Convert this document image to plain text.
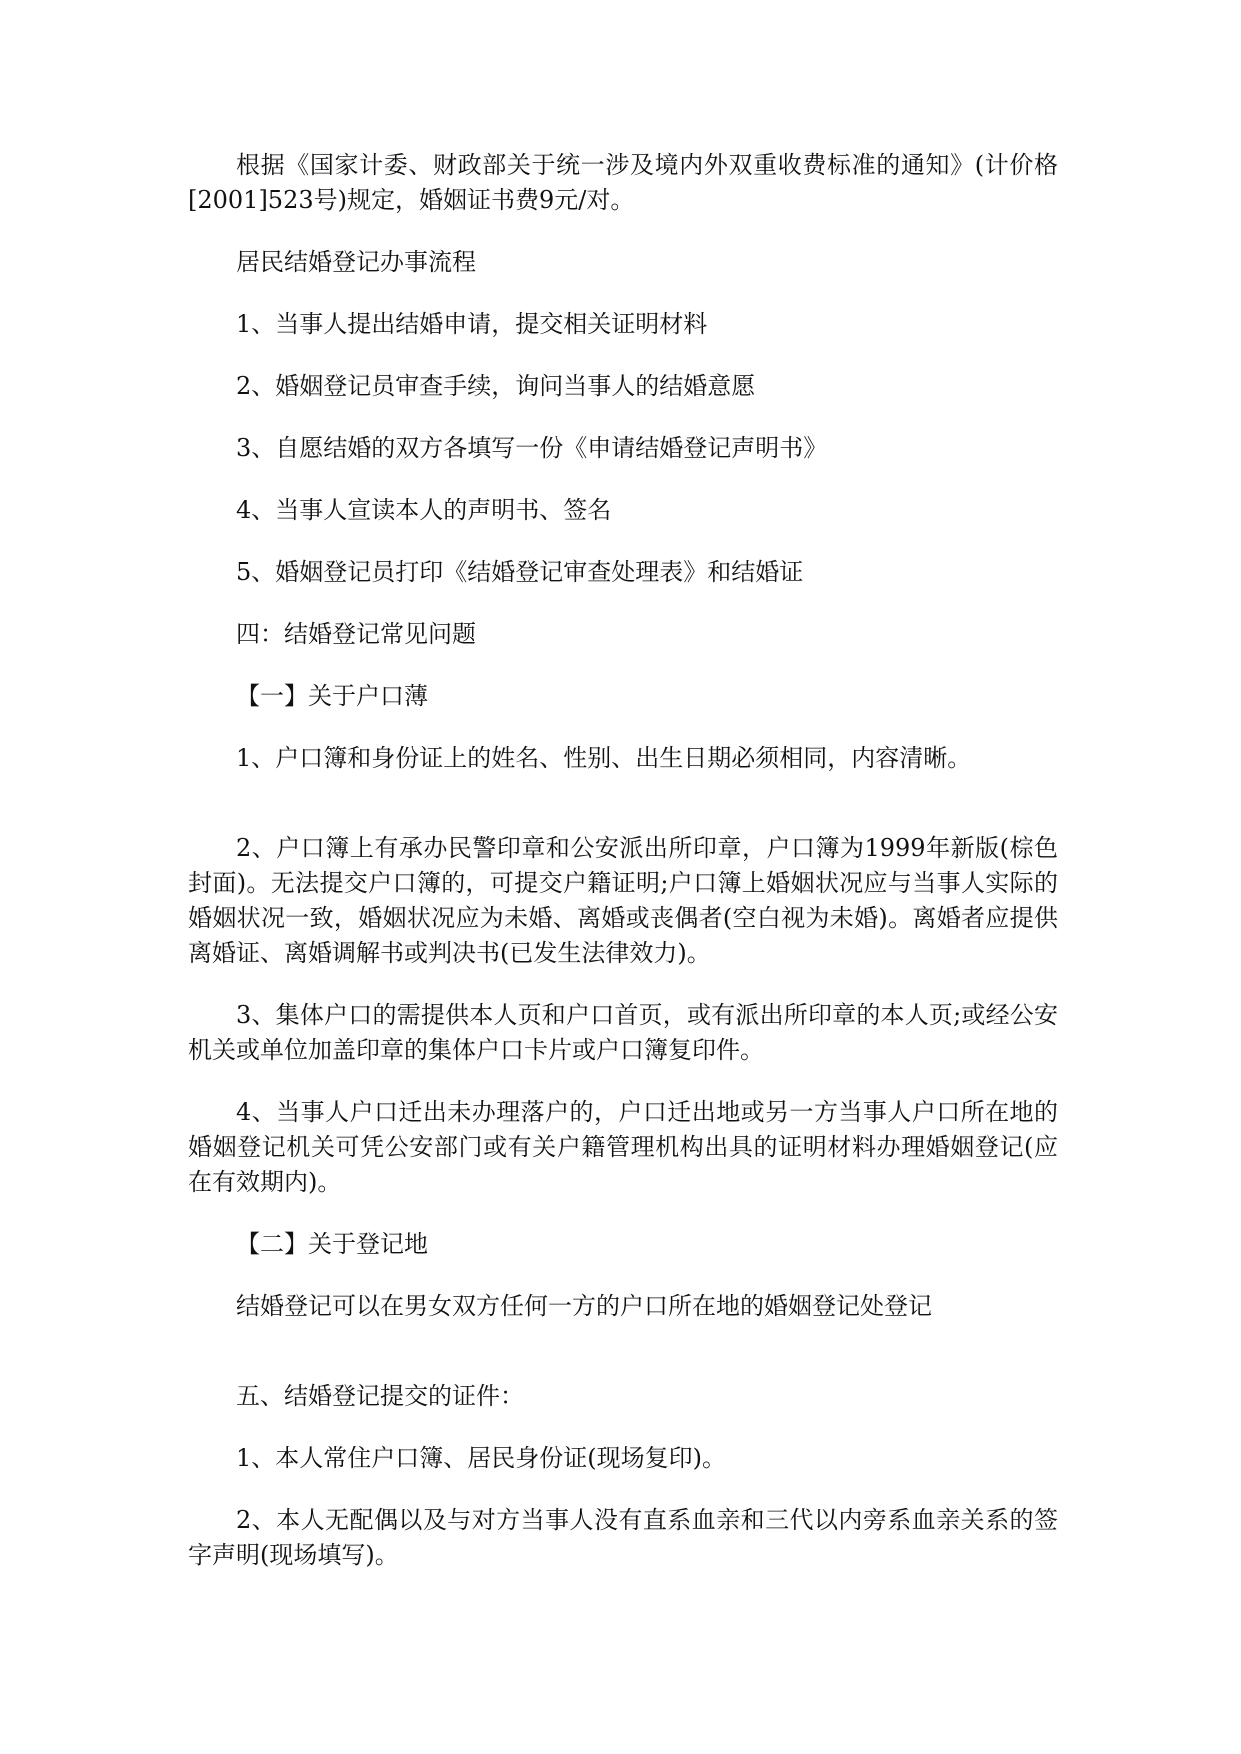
根据《国家计委、财政部关于统一涉及境内外双重收费标准的通知》(计价格[2001]523号)规定，婚姻证书费9元/对。

居民结婚登记办事流程

1、当事人提出结婚申请，提交相关证明材料

2、婚姻登记员审查手续，询问当事人的结婚意愿

3、自愿结婚的双方各填写一份《申请结婚登记声明书》

4、当事人宣读本人的声明书、签名

5、婚姻登记员打印《结婚登记审查处理表》和结婚证

四：结婚登记常见问题

【一】关于户口薄

1、户口簿和身份证上的姓名、性别、出生日期必须相同，内容清晰。

2、户口簿上有承办民警印章和公安派出所印章，户口簿为1999年新版(棕色封面)。无法提交户口簿的，可提交户籍证明;户口簿上婚姻状况应与当事人实际的婚姻状况一致，婚姻状况应为未婚、离婚或丧偶者(空白视为未婚)。离婚者应提供离婚证、离婚调解书或判决书(已发生法律效力)。

3、集体户口的需提供本人页和户口首页，或有派出所印章的本人页;或经公安机关或单位加盖印章的集体户口卡片或户口簿复印件。

4、当事人户口迁出未办理落户的，户口迁出地或另一方当事人户口所在地的婚姻登记机关可凭公安部门或有关户籍管理机构出具的证明材料办理婚姻登记(应在有效期内)。

【二】关于登记地

结婚登记可以在男女双方任何一方的户口所在地的婚姻登记处登记

五、结婚登记提交的证件：

1、本人常住户口簿、居民身份证(现场复印)。

2、本人无配偶以及与对方当事人没有直系血亲和三代以内旁系血亲关系的签字声明(现场填写)。
